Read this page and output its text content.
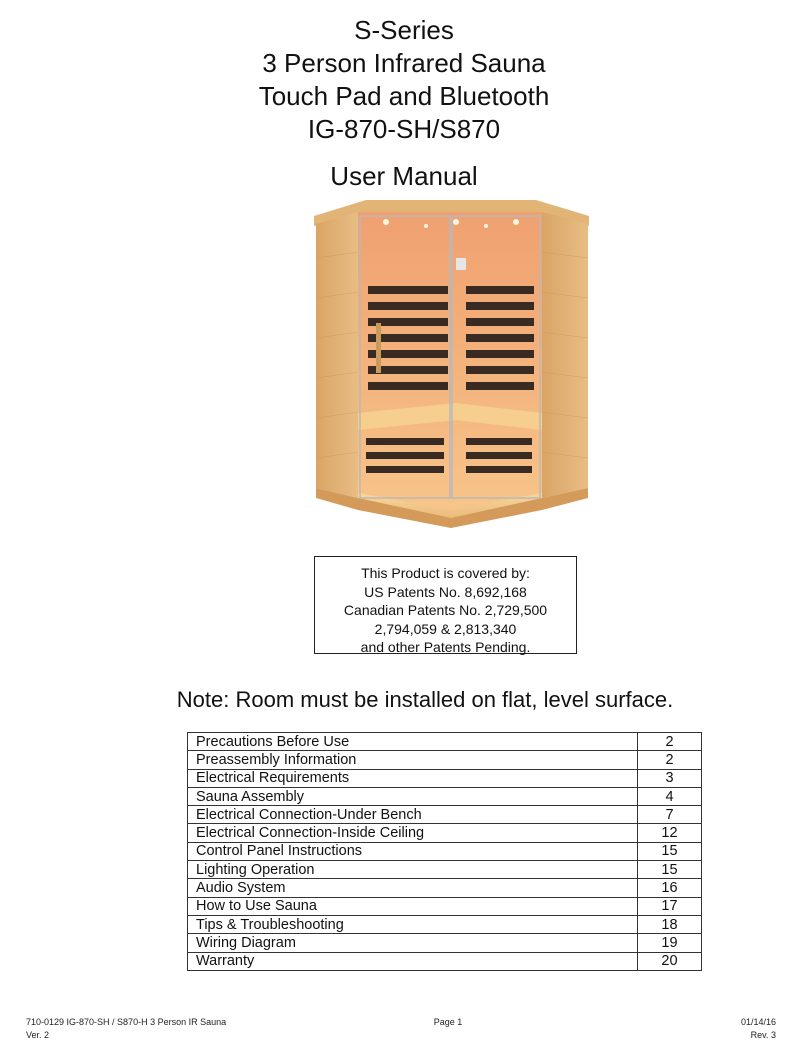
S-Series
3 Person Infrared Sauna
Touch Pad and Bluetooth
IG-870-SH/S870
User Manual
This Product is covered by:
US Patents No. 8,692,168
Canadian Patents No. 2,729,500
2,794,059 & 2,813,340
and other Patents Pending.
Note: Room must be installed on flat, level surface.
Precautions Before Use	2
Preassembly Information	2
Electrical Requirements	3
Sauna Assembly	4
Electrical Connection-Under Bench	7
Electrical Connection-Inside Ceiling	12
Control Panel Instructions	15
Lighting Operation	15
Audio System	16
How to Use Sauna	17
Tips & Troubleshooting	18
Wiring Diagram	19
Warranty	20
710-0129 IG-870-SH / S870-H 3 Person IR Sauna
Ver. 2
Page 1	01/14/16
Rev. 3
